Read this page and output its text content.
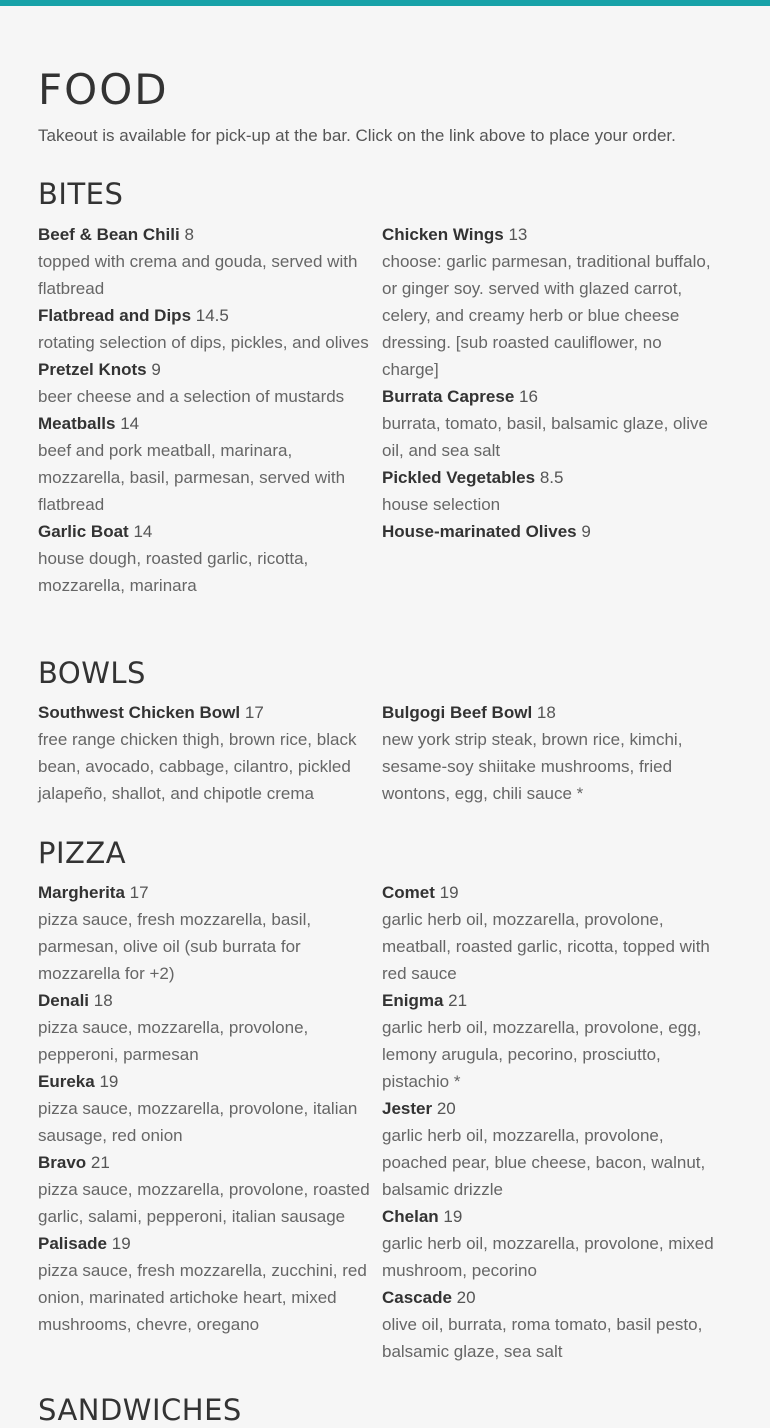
FOOD
Takeout is available for pick-up at the bar. Click on the link above to place your order.
BITES
Beef & Bean Chili 8
topped with crema and gouda, served with flatbread
Flatbread and Dips 14.5
rotating selection of dips, pickles, and olives
Pretzel Knots 9
beer cheese and a selection of mustards
Meatballs 14
beef and pork meatball, marinara, mozzarella, basil, parmesan, served with flatbread
Garlic Boat 14
house dough, roasted garlic, ricotta, mozzarella, marinara
Chicken Wings 13
choose: garlic parmesan, traditional buffalo, or ginger soy. served with glazed carrot, celery, and creamy herb or blue cheese dressing. [sub roasted cauliflower, no charge]
Burrata Caprese 16
burrata, tomato, basil, balsamic glaze, olive oil, and sea salt
Pickled Vegetables 8.5
house selection
House-marinated Olives 9
BOWLS
Southwest Chicken Bowl 17
free range chicken thigh, brown rice, black bean, avocado, cabbage, cilantro, pickled jalapeño, shallot, and chipotle crema
Bulgogi Beef Bowl 18
new york strip steak, brown rice, kimchi, sesame-soy shiitake mushrooms, fried wontons, egg, chili sauce *
PIZZA
Margherita 17
pizza sauce, fresh mozzarella, basil, parmesan, olive oil (sub burrata for mozzarella for +2)
Denali 18
pizza sauce, mozzarella, provolone, pepperoni, parmesan
Eureka 19
pizza sauce, mozzarella, provolone, italian sausage, red onion
Bravo 21
pizza sauce, mozzarella, provolone, roasted garlic, salami, pepperoni, italian sausage
Palisade 19
pizza sauce, fresh mozzarella, zucchini, red onion, marinated artichoke heart, mixed mushrooms, chevre, oregano
Comet 19
garlic herb oil, mozzarella, provolone, meatball, roasted garlic, ricotta, topped with red sauce
Enigma 21
garlic herb oil, mozzarella, provolone, egg, lemony arugula, pecorino, prosciutto, pistachio *
Jester 20
garlic herb oil, mozzarella, provolone, poached pear, blue cheese, bacon, walnut, balsamic drizzle
Chelan 19
garlic herb oil, mozzarella, provolone, mixed mushroom, pecorino
Cascade 20
olive oil, burrata, roma tomato, basil pesto, balsamic glaze, sea salt
SANDWICHES
